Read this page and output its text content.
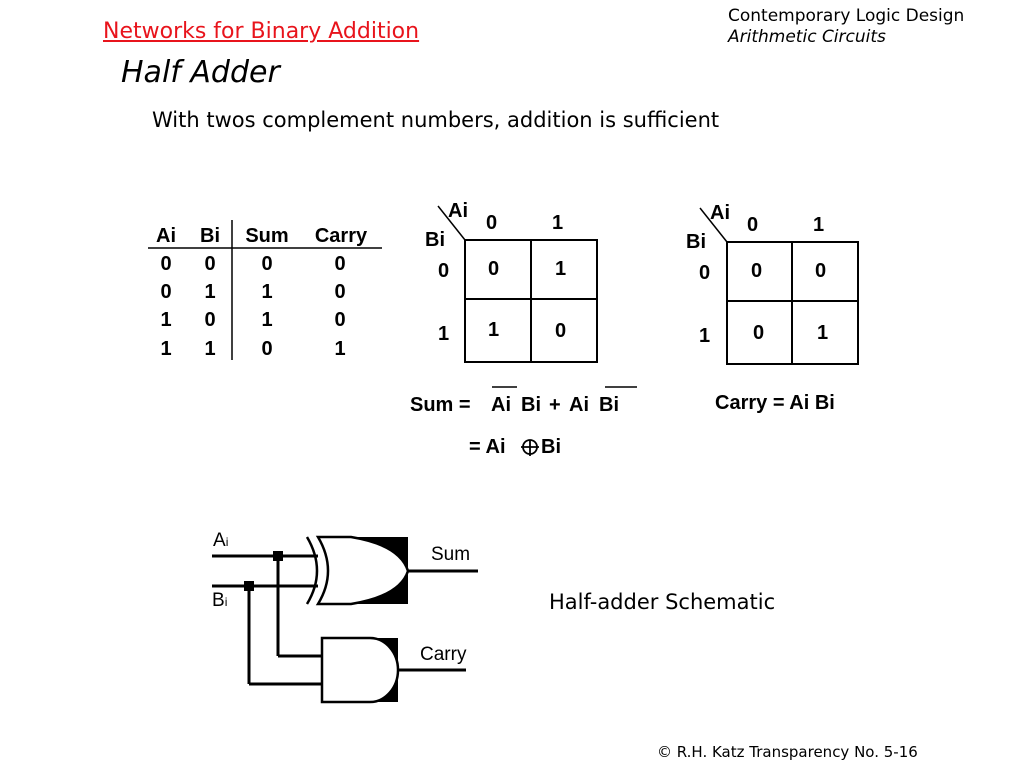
Networks for Binary Addition
Contemporary Logic Design
Arithmetic Circuits
Half Adder
With twos complement numbers, addition is sufficient
Ai Bi	Sum	Carry
0	0	0	0
0	1	1	0
1	0	1	0
1	1	0	1
Ai
Bi
0	1
0
1
0	1
1	0
Ai
Bi
0	1
0
1
0	0
0	1
Sum = Ai Bi + Ai Bi
= Ai Bi
Carry = Ai Bi
Ai
Bi
Sum
Carry
Half-adder Schematic
© R.H. Katz Transparency No. 5-16
